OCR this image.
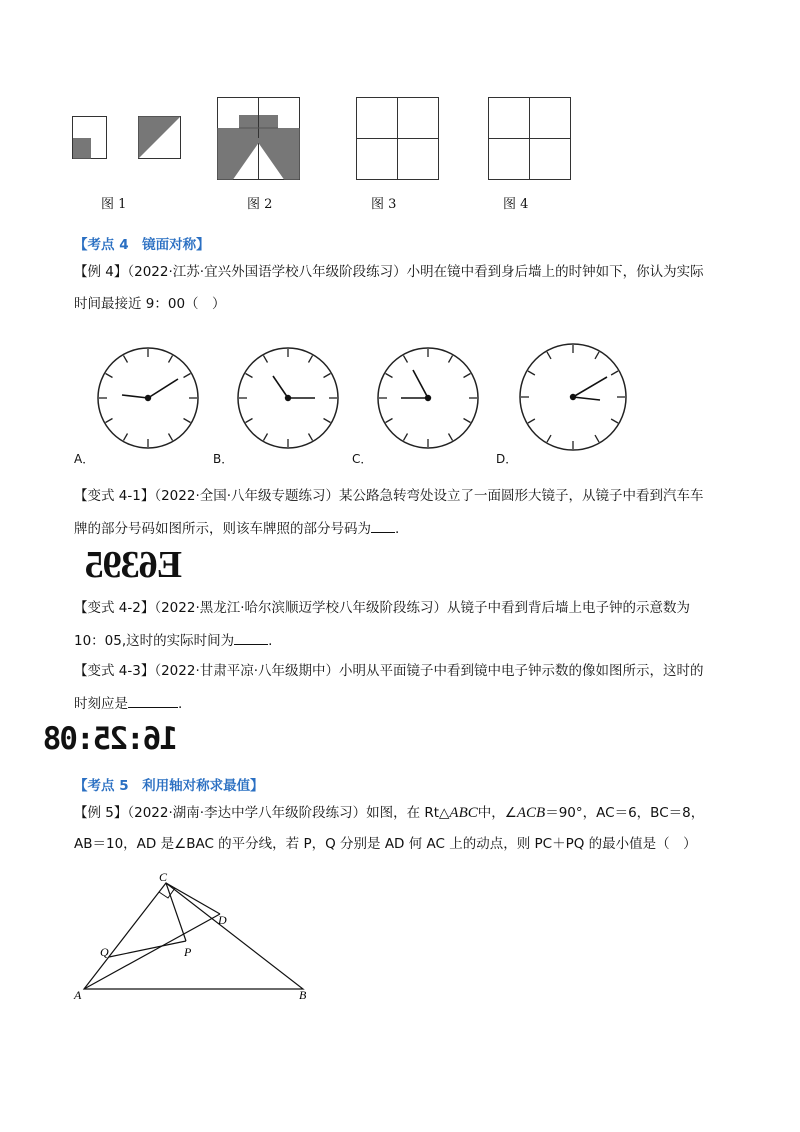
图 1	图 2	图 3	图 4
【考点 4　镜面对称】
【例 4】（2022·江苏·宜兴外国语学校八年级阶段练习）小明在镜中看到身后墙上的时钟如下，你认为实际
时间最接近 9：00（　）
A．	B．	C．	D．
【变式 4-1】（2022·全国·八年级专题练习）某公路急转弯处设立了一面圆形大镜子，从镜子中看到汽车车
牌的部分号码如图所示，则该车牌照的部分号码为 .
E6395
【变式 4-2】（2022·黑龙江·哈尔滨顺迈学校八年级阶段练习）从镜子中看到背后墙上电子钟的示意数为
10：05,这时的实际时间为	.
【变式 4-3】（2022·甘肃平凉·八年级期中）小明从平面镜子中看到镜中电子钟示数的像如图所示，这时的
时刻应是	.
16:25:08
【考点 5　利用轴对称求最值】
【例 5】（2022·湖南·李达中学八年级阶段练习）如图，在 Rt△ABC中，∠ACB＝90°，AC＝6，BC＝8，
AB＝10，AD 是∠BAC 的平分线，若 P，Q 分别是 AD 何 AC 上的动点，则 PC＋PQ 的最小值是（　）
C
D
Q	P
A	B
